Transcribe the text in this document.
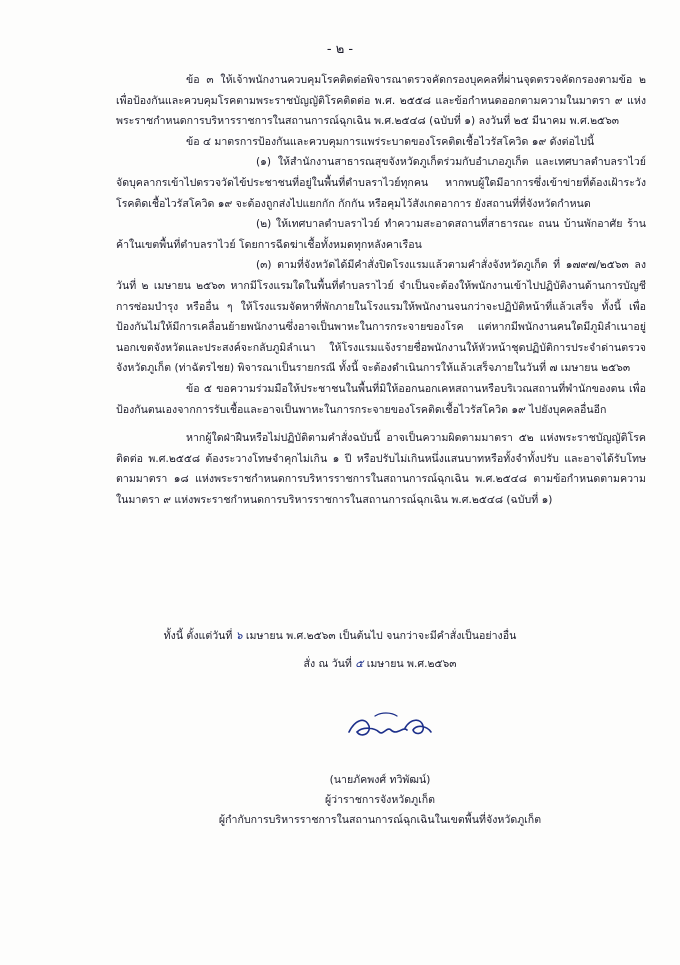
- ๒ -

ข้อ ๓ ให้เจ้าพนักงานควบคุมโรคติดต่อพิจารณาตรวจคัดกรองบุคคลที่ผ่านจุดตรวจคัดกรองตามข้อ ๒ เพื่อป้องกันและควบคุมโรคตามพระราชบัญญัติโรคติดต่อ พ.ศ. ๒๕๕๘ และข้อกำหนดออกตามความในมาตรา ๙ แห่งพระราชกำหนดการบริหารราชการในสถานการณ์ฉุกเฉิน พ.ศ.๒๕๔๘ (ฉบับที่ ๑) ลงวันที่ ๒๕ มีนาคม พ.ศ.๒๕๖๓

ข้อ ๔ มาตรการป้องกันและควบคุมการแพร่ระบาดของโรคติดเชื้อไวรัสโควิด ๑๙ ดังต่อไปนี้

(๑) ให้สำนักงานสาธารณสุขจังหวัดภูเก็ตร่วมกับอำเภอภูเก็ต และเทศบาลตำบลราไวย์ จัดบุคลากรเข้าไปตรวจวัดไข้ประชาชนที่อยู่ในพื้นที่ตำบลราไวย์ทุกคน หากพบผู้ใดมีอาการซึ่งเข้าข่ายที่ต้องเฝ้าระวังโรคติดเชื้อไวรัสโควิด ๑๙ จะต้องถูกส่งไปแยกกัก กักกัน หรือคุมไว้สังเกตอาการ ยังสถานที่ที่จังหวัดกำหนด

(๒) ให้เทศบาลตำบลราไวย์ ทำความสะอาดสถานที่สาธารณะ ถนน บ้านพักอาศัย ร้านค้าในเขตพื้นที่ตำบลราไวย์ โดยการฉีดฆ่าเชื้อทั้งหมดทุกหลังคาเรือน

(๓) ตามที่จังหวัดได้มีคำสั่งปิดโรงแรมแล้วตามคำสั่งจังหวัดภูเก็ต ที่ ๑๗๙๗/๒๕๖๓ ลงวันที่ ๒ เมษายน ๒๕๖๓ หากมีโรงแรมใดในพื้นที่ตำบลราไวย์ จำเป็นจะต้องให้พนักงานเข้าไปปฏิบัติงานด้านการบัญชี การซ่อมบำรุง หรืออื่น ๆ ให้โรงแรมจัดหาที่พักภายในโรงแรมให้พนักงานจนกว่าจะปฏิบัติหน้าที่แล้วเสร็จ ทั้งนี้ เพื่อป้องกันไม่ให้มีการเคลื่อนย้ายพนักงานซึ่งอาจเป็นพาหะในการกระจายของโรค แต่หากมีพนักงานคนใดมีภูมิลำเนาอยู่นอกเขตจังหวัดและประสงค์จะกลับภูมิลำเนา ให้โรงแรมแจ้งรายชื่อพนักงานให้หัวหน้าชุดปฏิบัติการประจำด่านตรวจจังหวัดภูเก็ต (ท่าฉัตรไชย) พิจารณาเป็นรายกรณี ทั้งนี้ จะต้องดำเนินการให้แล้วเสร็จภายในวันที่ ๗ เมษายน ๒๕๖๓

ข้อ ๕ ขอความร่วมมือให้ประชาชนในพื้นที่มิให้ออกนอกเคหสถานหรือบริเวณสถานที่พำนักของตน เพื่อป้องกันตนเองจากการรับเชื้อและอาจเป็นพาหะในการกระจายของโรคติดเชื้อไวรัสโควิด ๑๙ ไปยังบุคคลอื่นอีก

หากผู้ใดฝ่าฝืนหรือไม่ปฏิบัติตามคำสั่งฉบับนี้ อาจเป็นความผิดตามมาตรา ๕๒ แห่งพระราชบัญญัติโรคติดต่อ พ.ศ.๒๕๕๘ ต้องระวางโทษจำคุกไม่เกิน ๑ ปี หรือปรับไม่เกินหนึ่งแสนบาทหรือทั้งจำทั้งปรับ และอาจได้รับโทษตามมาตรา ๑๘ แห่งพระราชกำหนดการบริหารราชการในสถานการณ์ฉุกเฉิน พ.ศ.๒๕๔๘ ตามข้อกำหนดตามความในมาตรา ๙ แห่งพระราชกำหนดการบริหารราชการในสถานการณ์ฉุกเฉิน พ.ศ.๒๕๔๘ (ฉบับที่ ๑)

ทั้งนี้ ตั้งแต่วันที่ ๖ เมษายน พ.ศ.๒๕๖๓ เป็นต้นไป จนกว่าจะมีคำสั่งเป็นอย่างอื่น
สั่ง ณ วันที่ ๕ เมษายน พ.ศ.๒๕๖๓
(นายภัคพงศ์ ทวิพัฒน์)
ผู้ว่าราชการจังหวัดภูเก็ต
ผู้กำกับการบริหารราชการในสถานการณ์ฉุกเฉินในเขตพื้นที่จังหวัดภูเก็ต
